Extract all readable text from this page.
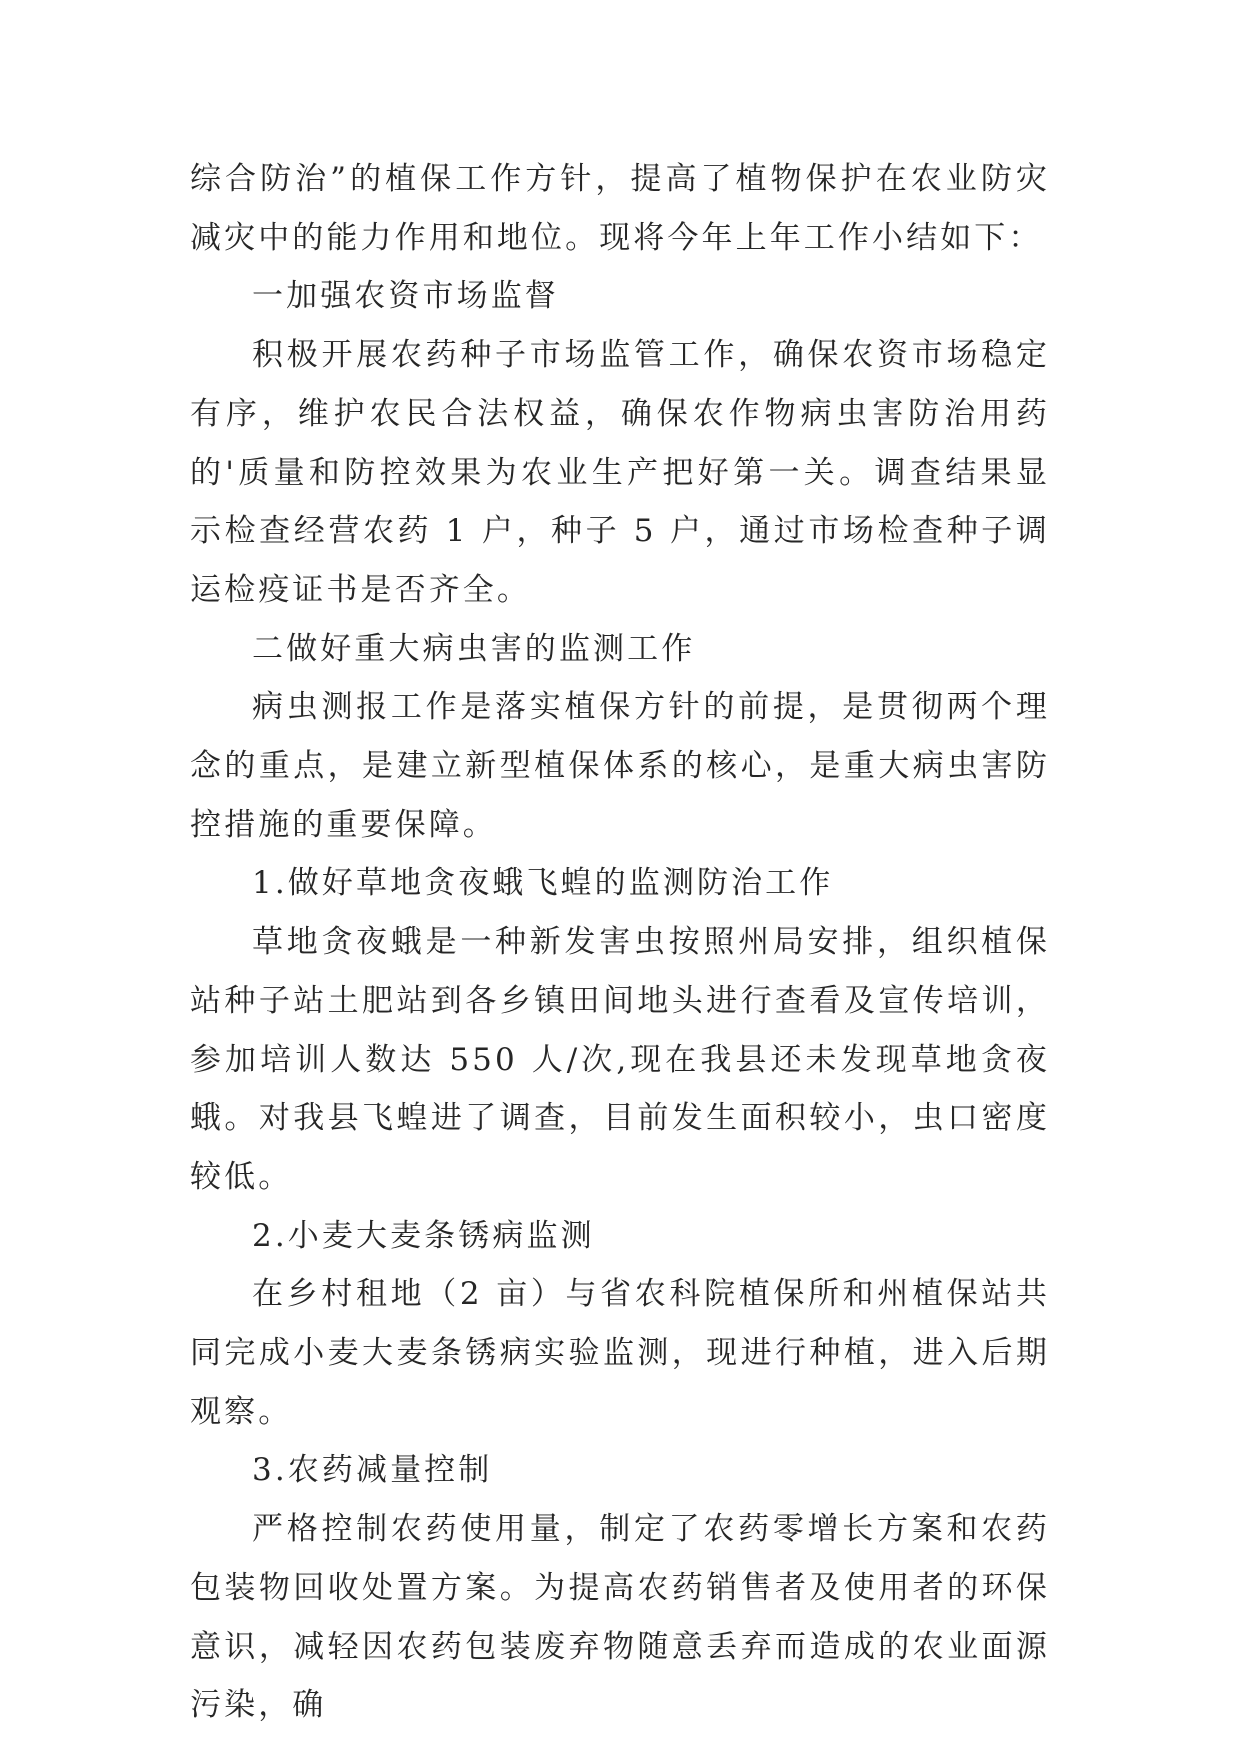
综合防治”的植保工作方针，提高了植物保护在农业防灾减灾中的能力作用和地位。现将今年上年工作小结如下：

一加强农资市场监督

积极开展农药种子市场监管工作，确保农资市场稳定有序，维护农民合法权益，确保农作物病虫害防治用药的'质量和防控效果为农业生产把好第一关。调查结果显示检查经营农药 1 户，种子 5 户，通过市场检查种子调运检疫证书是否齐全。

二做好重大病虫害的监测工作

病虫测报工作是落实植保方针的前提，是贯彻两个理念的重点，是建立新型植保体系的核心，是重大病虫害防控措施的重要保障。

1.做好草地贪夜蛾飞蝗的监测防治工作

草地贪夜蛾是一种新发害虫按照州局安排，组织植保站种子站土肥站到各乡镇田间地头进行查看及宣传培训，参加培训人数达 550 人/次,现在我县还未发现草地贪夜蛾。对我县飞蝗进了调查，目前发生面积较小，虫口密度较低。

2.小麦大麦条锈病监测

在乡村租地（2 亩）与省农科院植保所和州植保站共同完成小麦大麦条锈病实验监测，现进行种植，进入后期观察。

3.农药减量控制

严格控制农药使用量，制定了农药零增长方案和农药包装物回收处置方案。为提高农药销售者及使用者的环保意识，减轻因农药包装废弃物随意丢弃而造成的农业面源污染，确
